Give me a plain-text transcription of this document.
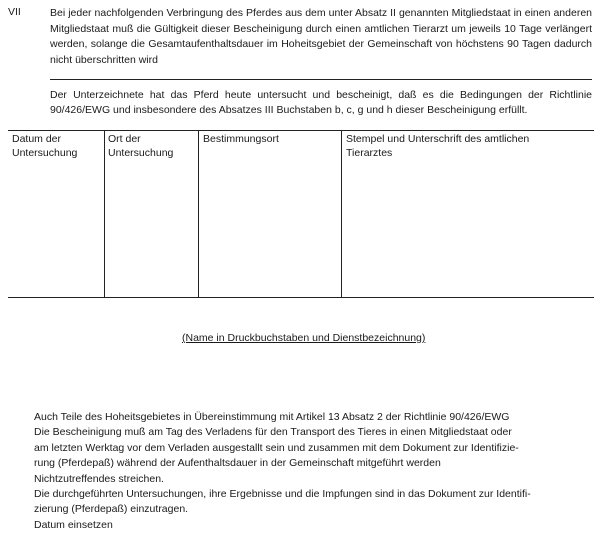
VII	Bei jeder nachfolgenden Verbringung des Pferdes aus dem unter Absatz II genannten Mitgliedstaat in einen anderen Mitgliedstaat muß die Gültigkeit dieser Bescheinigung durch einen amtlichen Tierarzt um jeweils 10 Tage verlängert werden, solange die Gesamtaufenthaltsdauer im Hoheitsgebiet der Gemeinschaft von höchstens 90 Tagen dadurch nicht überschritten wird
Der Unterzeichnete hat das Pferd heute untersucht und bescheinigt, daß es die Bedingungen der Richtlinie 90/426/EWG und insbesondere des Absatzes III Buchstaben b, c, g und h dieser Bescheinigung erfüllt.
Datum der Untersuchung
Ort der Untersuchung
Bestimmungsort	Stempel und Unterschrift des amtlichen Tierarztes
(Name in Druckbuchstaben und Dienstbezeichnung)
Auch Teile des Hoheitsgebietes in Übereinstimmung mit Artikel 13 Absatz 2 der Richtlinie 90/426/EWG
Die Bescheinigung muß am Tag des Verladens für den Transport des Tieres in einen Mitgliedstaat oder
am letzten Werktag vor dem Verladen ausgestallt sein und zusammen mit dem Dokument zur Identifizie-
rung (Pferdepaß) während der Aufenthaltsdauer in der Gemeinschaft mitgeführt werden
Nichtzutreffendes streichen.
Die durchgeführten Untersuchungen, ihre Ergebnisse und die Impfungen sind in das Dokument zur Identifi-
zierung (Pferdepaß) einzutragen.
Datum einsetzen
